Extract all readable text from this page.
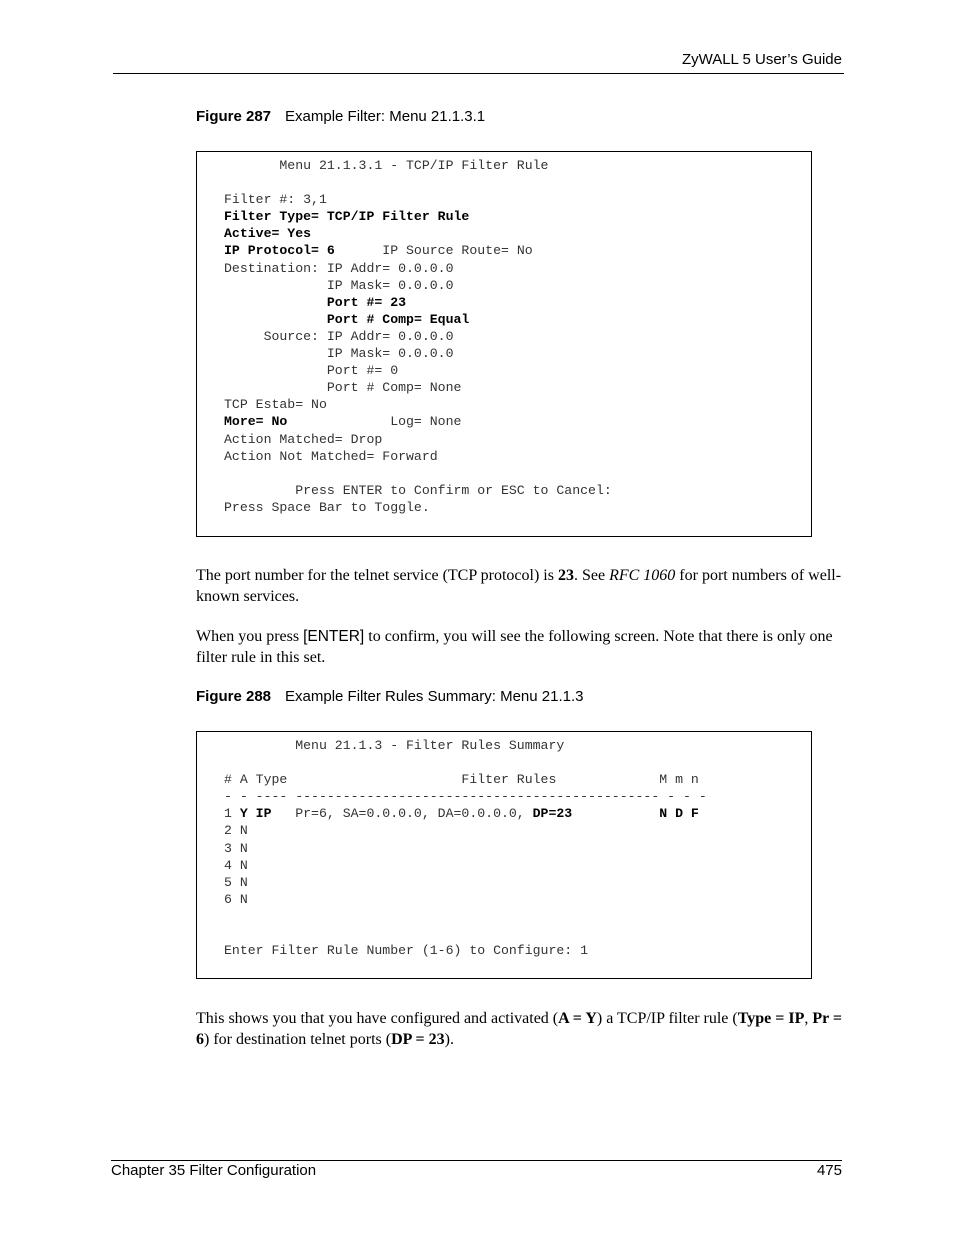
ZyWALL 5 User’s Guide
Figure 287 Example Filter: Menu 21.1.3.1
Menu 21.1.3.1 - TCP/IP Filter Rule

Filter #: 3,1
Filter Type= TCP/IP Filter Rule
Active= Yes
IP Protocol= 6	IP Source Route= No
Destination: IP Addr= 0.0.0.0
IP Mask= 0.0.0.0
Port #= 23
Port # Comp= Equal
Source: IP Addr= 0.0.0.0
IP Mask= 0.0.0.0
Port #= 0
Port # Comp= None
TCP Estab= No
More= No	Log= None
Action Matched= Drop
Action Not Matched= Forward

Press ENTER to Confirm or ESC to Cancel:
Press Space Bar to Toggle.
The port number for the telnet service (TCP protocol) is 23. See RFC 1060 for port numbers of well-known services.
When you press [ENTER] to confirm, you will see the following screen. Note that there is only one filter rule in this set.
Figure 288 Example Filter Rules Summary: Menu 21.1.3
Menu 21.1.3 - Filter Rules Summary

# A Type                      Filter Rules             M m n
- - ---- ---------------------------------------------- - - -
1 Y IP   Pr=6, SA=0.0.0.0, DA=0.0.0.0, DP=23	N D F
2 N
3 N
4 N
5 N
6 N

Enter Filter Rule Number (1-6) to Configure: 1
This shows you that you have configured and activated (A = Y) a TCP/IP filter rule (Type = IP, Pr = 6) for destination telnet ports (DP = 23).
Chapter 35 Filter Configuration	475
